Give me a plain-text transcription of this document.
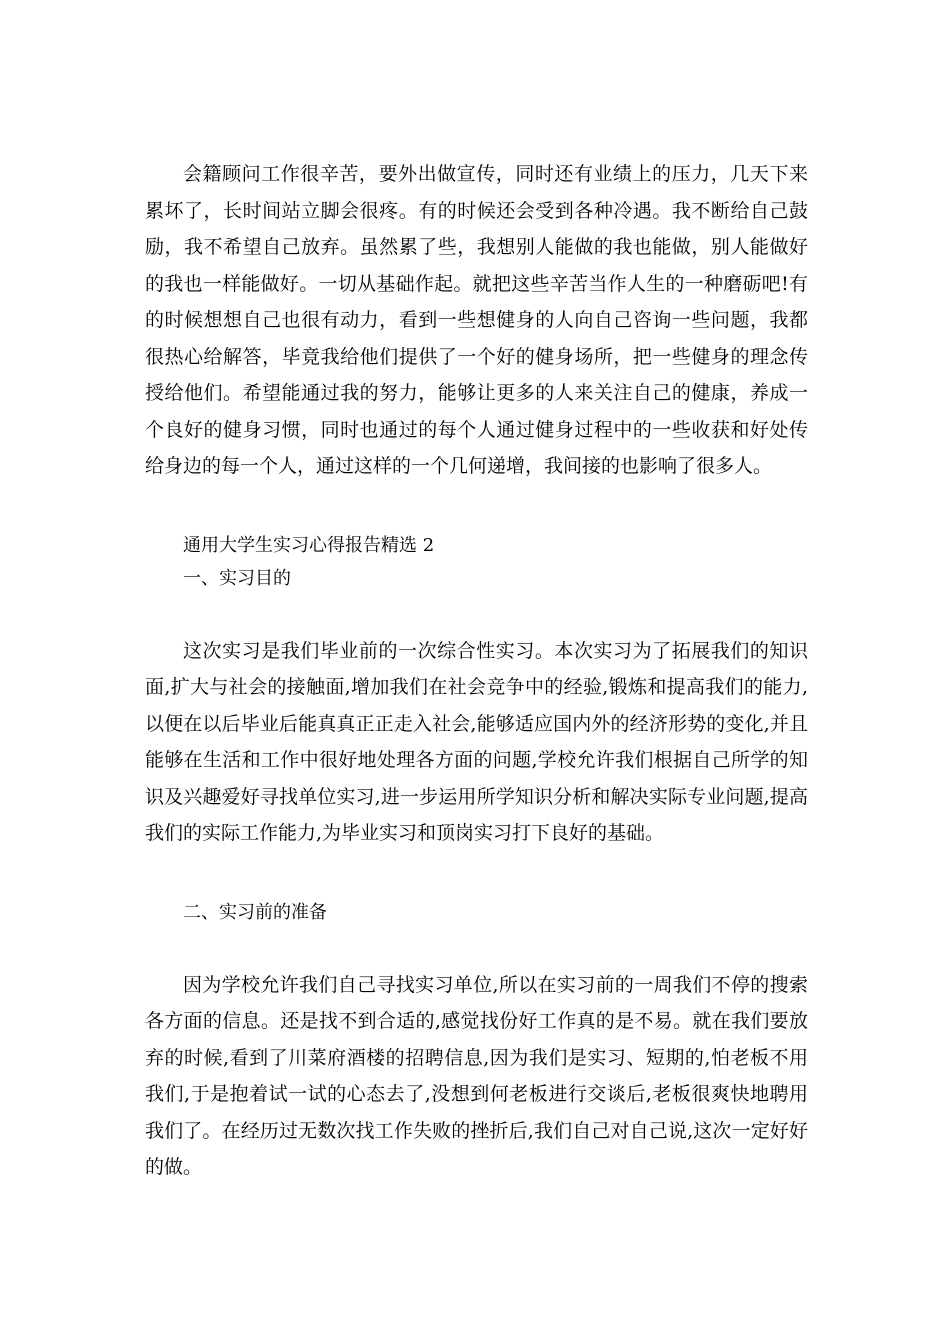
会籍顾问工作很辛苦，要外出做宣传，同时还有业绩上的压力，几天下来累坏了，长时间站立脚会很疼。有的时候还会受到各种冷遇。我不断给自己鼓励，我不希望自己放弃。虽然累了些，我想别人能做的我也能做，别人能做好的我也一样能做好。一切从基础作起。就把这些辛苦当作人生的一种磨砺吧!有的时候想想自己也很有动力，看到一些想健身的人向自己咨询一些问题，我都很热心给解答，毕竟我给他们提供了一个好的健身场所，把一些健身的理念传授给他们。希望能通过我的努力，能够让更多的人来关注自己的健康，养成一个良好的健身习惯，同时也通过的每个人通过健身过程中的一些收获和好处传给身边的每一个人，通过这样的一个几何递增，我间接的也影响了很多人。

通用大学生实习心得报告精选 2

一、实习目的

这次实习是我们毕业前的一次综合性实习。本次实习为了拓展我们的知识面,扩大与社会的接触面,增加我们在社会竞争中的经验,锻炼和提高我们的能力,以便在以后毕业后能真真正正走入社会,能够适应国内外的经济形势的变化,并且能够在生活和工作中很好地处理各方面的问题,学校允许我们根据自己所学的知识及兴趣爱好寻找单位实习,进一步运用所学知识分析和解决实际专业问题,提高我们的实际工作能力,为毕业实习和顶岗实习打下良好的基础。

二、实习前的准备

因为学校允许我们自己寻找实习单位,所以在实习前的一周我们不停的搜索各方面的信息。还是找不到合适的,感觉找份好工作真的是不易。就在我们要放弃的时候,看到了川菜府酒楼的招聘信息,因为我们是实习、短期的,怕老板不用我们,于是抱着试一试的心态去了,没想到何老板进行交谈后,老板很爽快地聘用我们了。在经历过无数次找工作失败的挫折后,我们自己对自己说,这次一定好好的做。
